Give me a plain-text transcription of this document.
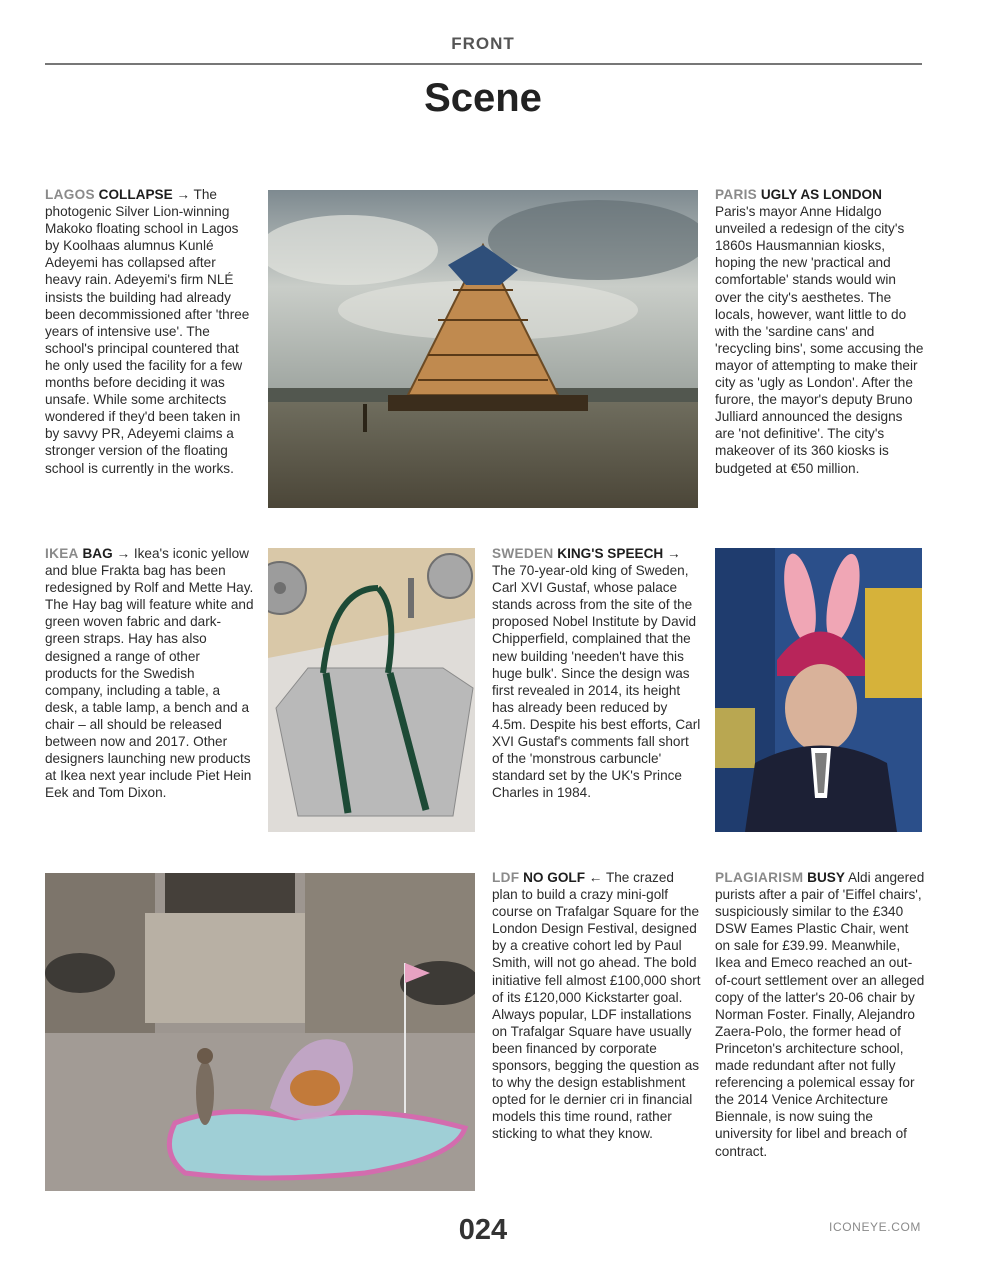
FRONT
Scene

LAGOS COLLAPSE → The photogenic Silver Lion-winning Makoko floating school in Lagos by Koolhaas alumnus Kunlé Adeyemi has collapsed after heavy rain. Adeyemi's firm NLÉ insists the building had already been decommissioned after 'three years of intensive use'. The school's principal countered that he only used the facility for a few months before deciding it was unsafe. While some architects wondered if they'd been taken in by savvy PR, Adeyemi claims a stronger version of the floating school is currently in the works.

PARIS UGLY AS LONDON Paris's mayor Anne Hidalgo unveiled a redesign of the city's 1860s Hausmannian kiosks, hoping the new 'practical and comfortable' stands would win over the city's aesthetes. The locals, however, want little to do with the 'sardine cans' and 'recycling bins', some accusing the mayor of attempting to make their city as 'ugly as London'. After the furore, the mayor's deputy Bruno Julliard announced the designs are 'not definitive'. The city's makeover of its 360 kiosks is budgeted at €50 million.

IKEA BAG → Ikea's iconic yellow and blue Frakta bag has been redesigned by Rolf and Mette Hay. The Hay bag will feature white and green woven fabric and dark-green straps. Hay has also designed a range of other products for the Swedish company, including a table, a desk, a table lamp, a bench and a chair – all should be released between now and 2017. Other designers launching new products at Ikea next year include Piet Hein Eek and Tom Dixon.

SWEDEN KING'S SPEECH → The 70-year-old king of Sweden, Carl XVI Gustaf, whose palace stands across from the site of the proposed Nobel Institute by David Chipperfield, complained that the new building 'needen't have this huge bulk'. Since the design was first revealed in 2014, its height has already been reduced by 4.5m. Despite his best efforts, Carl XVI Gustaf's comments fall short of the 'monstrous carbuncle' standard set by the UK's Prince Charles in 1984.

LDF NO GOLF ← The crazed plan to build a crazy mini-golf course on Trafalgar Square for the London Design Festival, designed by a creative cohort led by Paul Smith, will not go ahead. The bold initiative fell almost £100,000 short of its £120,000 Kickstarter goal. Always popular, LDF installations on Trafalgar Square have usually been financed by corporate sponsors, begging the question as to why the design establishment opted for le dernier cri in financial models this time round, rather sticking to what they know.

PLAGIARISM BUSY Aldi angered purists after a pair of 'Eiffel chairs', suspiciously similar to the £340 DSW Eames Plastic Chair, went on sale for £39.99. Meanwhile, Ikea and Emeco reached an out-of-court settlement over an alleged copy of the latter's 20-06 chair by Norman Foster. Finally, Alejandro Zaera-Polo, the former head of Princeton's architecture school, made redundant after not fully referencing a polemical essay for the 2014 Venice Architecture Biennale, is now suing the university for libel and breach of contract.

024	ICONEYE.COM
